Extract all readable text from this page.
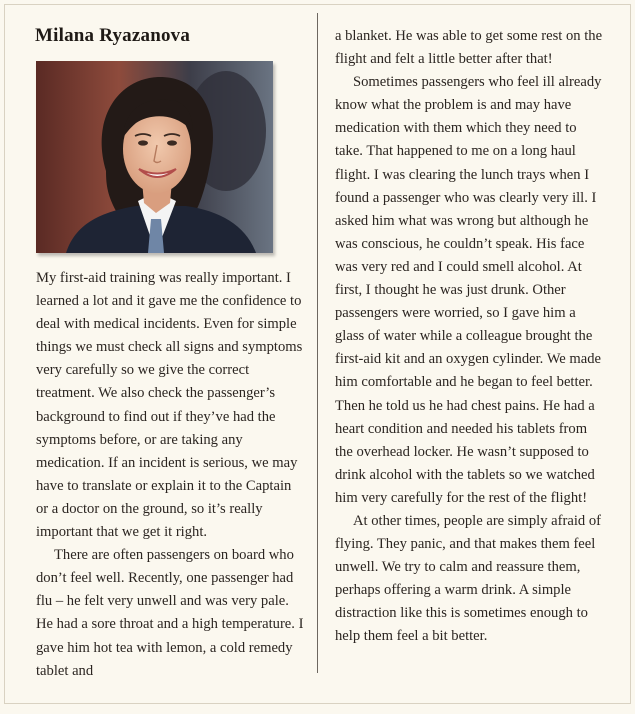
Milana Ryazanova

My first-aid training was really important. I learned a lot and it gave me the confidence to deal with medical incidents. Even for simple things we must check all signs and symptoms very carefully so we give the correct treatment. We also check the passenger’s background to find out if they’ve had the symptoms before, or are taking any medication. If an incident is serious, we may have to translate or explain it to the Captain or a doctor on the ground, so it’s really important that we get it right.

There are often passengers on board who don’t feel well. Recently, one passenger had flu – he felt very unwell and was very pale. He had a sore throat and a high temperature. I gave him hot tea with lemon, a cold remedy tablet and

a blanket. He was able to get some rest on the flight and felt a little better after that!

Sometimes passengers who feel ill already know what the problem is and may have medication with them which they need to take. That happened to me on a long haul flight. I was clearing the lunch trays when I found a passenger who was clearly very ill. I asked him what was wrong but although he was conscious, he couldn’t speak. His face was very red and I could smell alcohol. At first, I thought he was just drunk. Other passengers were worried, so I gave him a glass of water while a colleague brought the first-aid kit and an oxygen cylinder. We made him comfortable and he began to feel better. Then he told us he had chest pains. He had a heart condition and needed his tablets from the overhead locker. He wasn’t supposed to drink alcohol with the tablets so we watched him very carefully for the rest of the flight!

At other times, people are simply afraid of flying. They panic, and that makes them feel unwell. We try to calm and reassure them, perhaps offering a warm drink. A simple distraction like this is sometimes enough to help them feel a bit better.
